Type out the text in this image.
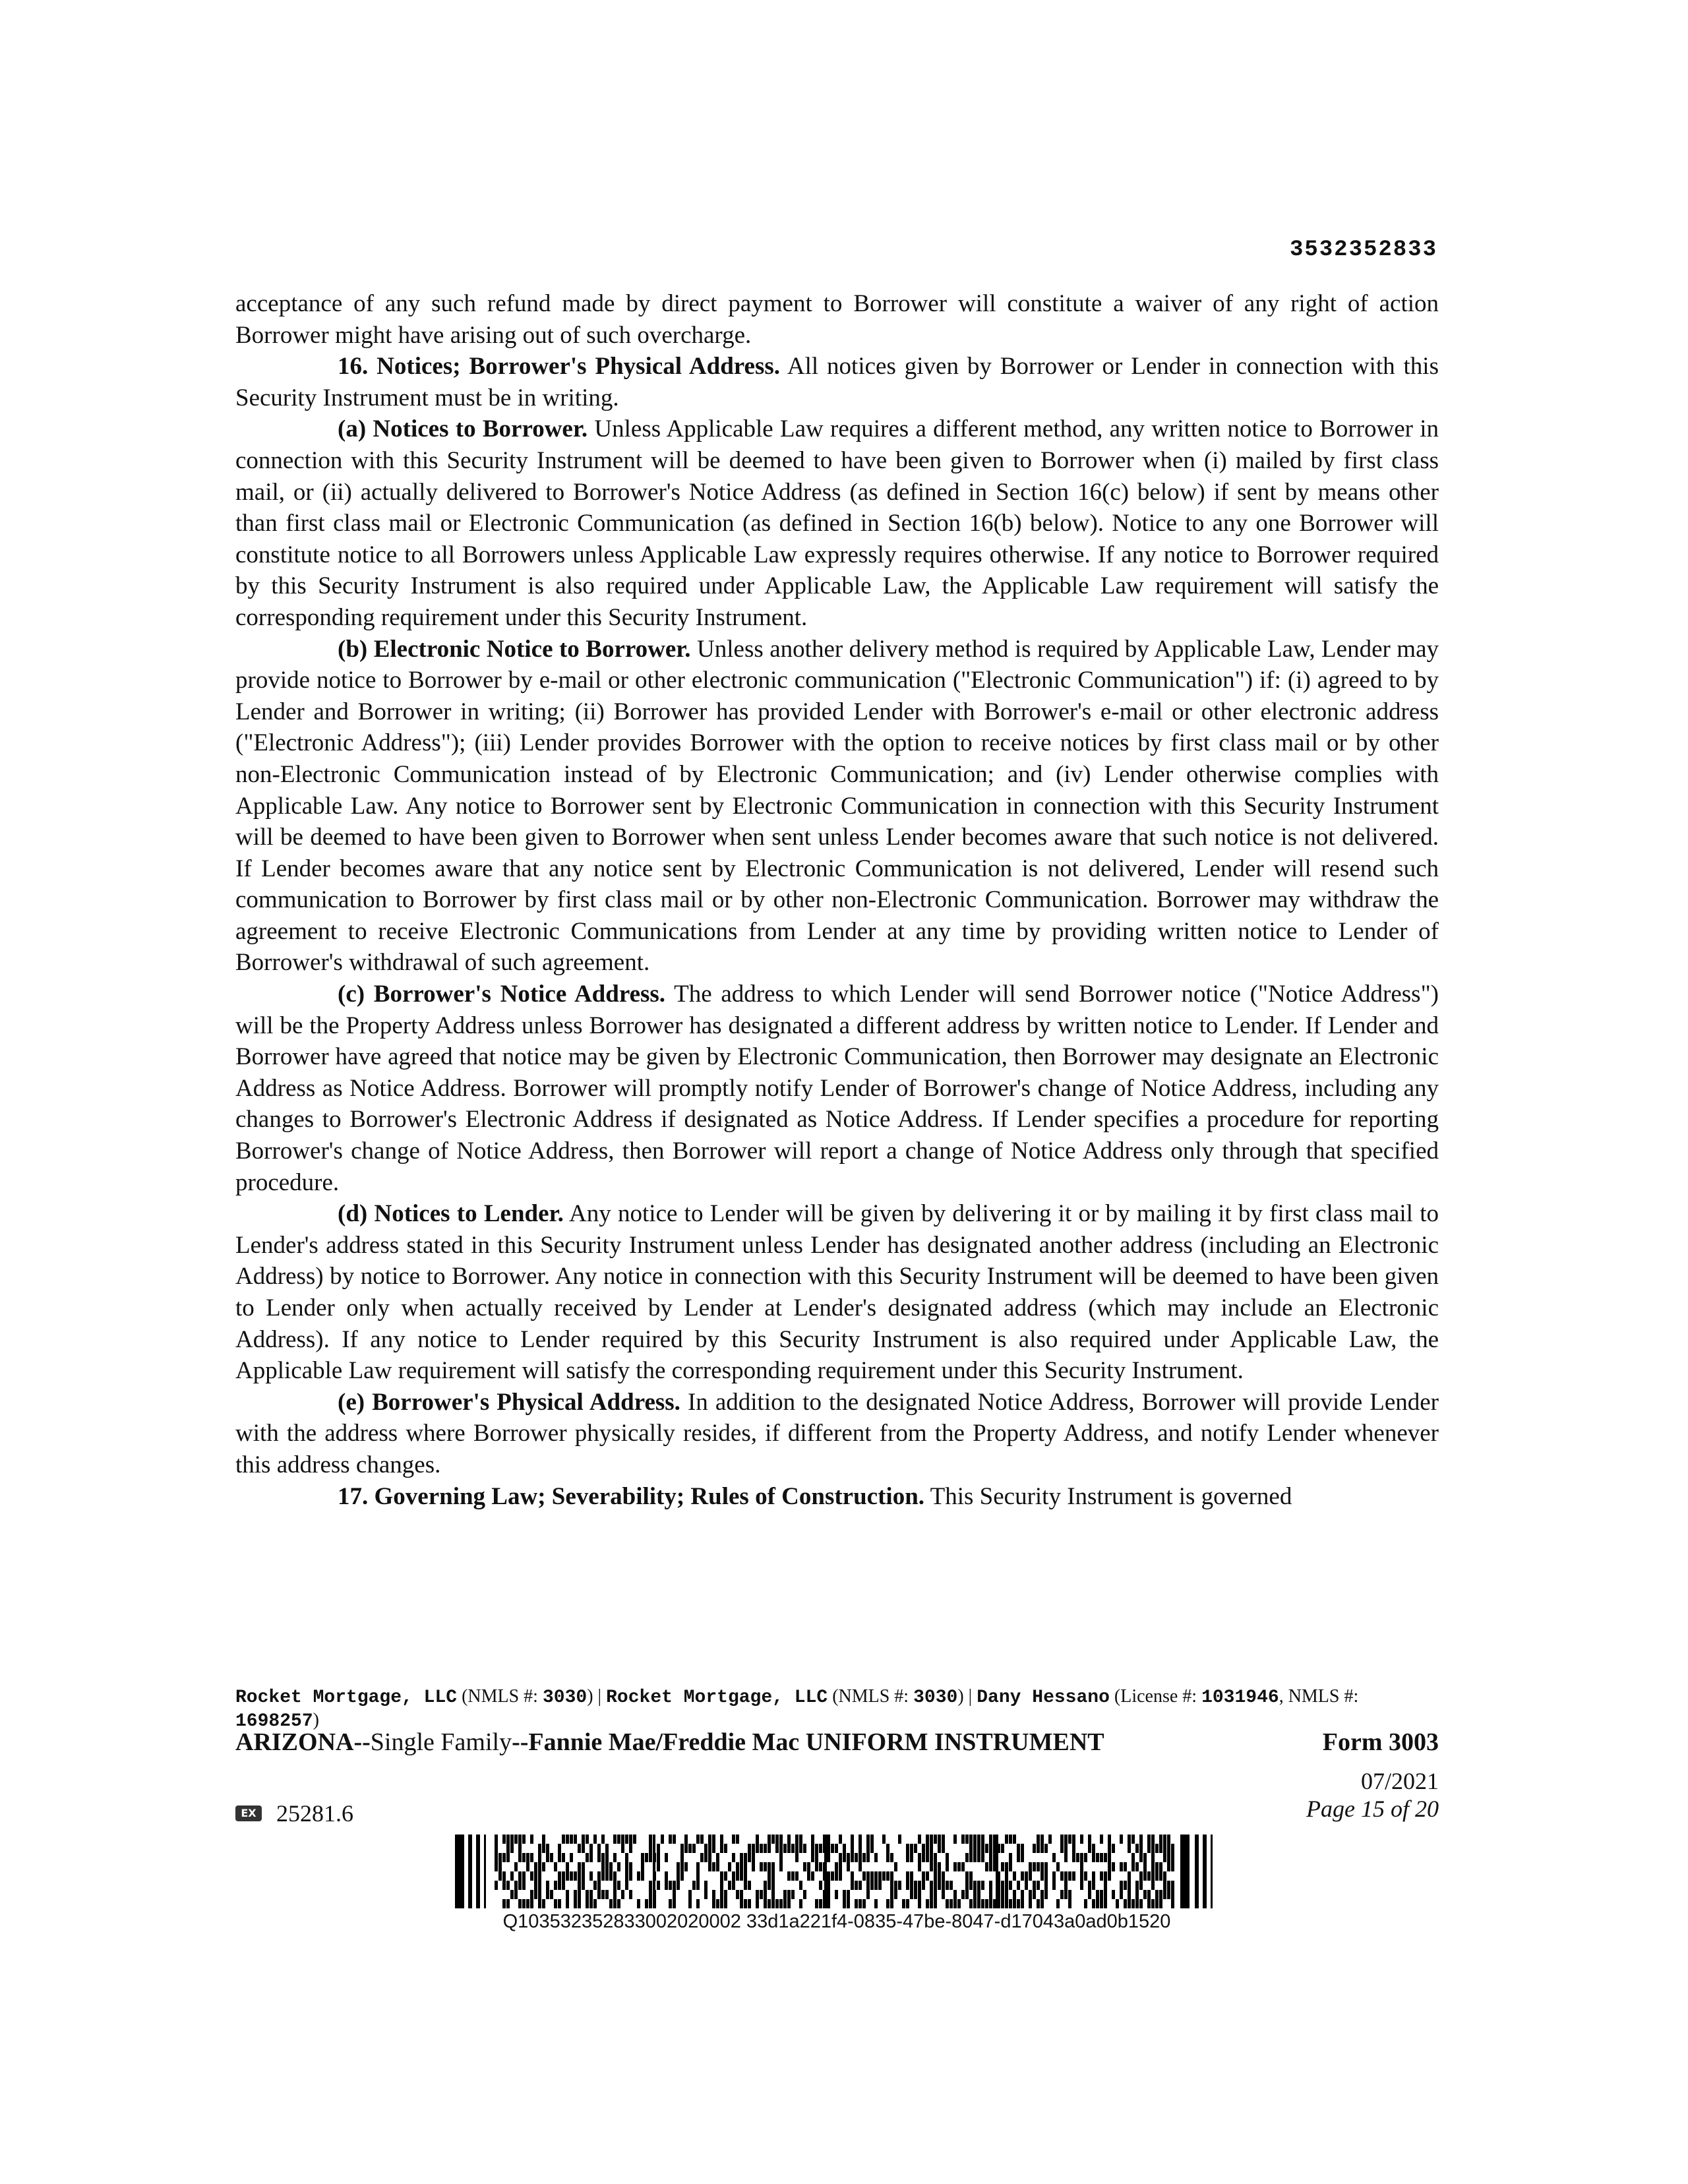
3532352833

acceptance of any such refund made by direct payment to Borrower will constitute a waiver of any right of action Borrower might have arising out of such overcharge.

16. Notices; Borrower's Physical Address. All notices given by Borrower or Lender in connection with this Security Instrument must be in writing.

(a) Notices to Borrower. Unless Applicable Law requires a different method, any written notice to Borrower in connection with this Security Instrument will be deemed to have been given to Borrower when (i) mailed by first class mail, or (ii) actually delivered to Borrower's Notice Address (as defined in Section 16(c) below) if sent by means other than first class mail or Electronic Communication (as defined in Section 16(b) below). Notice to any one Borrower will constitute notice to all Borrowers unless Applicable Law expressly requires otherwise. If any notice to Borrower required by this Security Instrument is also required under Applicable Law, the Applicable Law requirement will satisfy the corresponding requirement under this Security Instrument.

(b) Electronic Notice to Borrower. Unless another delivery method is required by Applicable Law, Lender may provide notice to Borrower by e-mail or other electronic communication ("Electronic Communication") if: (i) agreed to by Lender and Borrower in writing; (ii) Borrower has provided Lender with Borrower's e-mail or other electronic address ("Electronic Address"); (iii) Lender provides Borrower with the option to receive notices by first class mail or by other non-Electronic Communication instead of by Electronic Communication; and (iv) Lender otherwise complies with Applicable Law. Any notice to Borrower sent by Electronic Communication in connection with this Security Instrument will be deemed to have been given to Borrower when sent unless Lender becomes aware that such notice is not delivered. If Lender becomes aware that any notice sent by Electronic Communication is not delivered, Lender will resend such communication to Borrower by first class mail or by other non-Electronic Communication. Borrower may withdraw the agreement to receive Electronic Communications from Lender at any time by providing written notice to Lender of Borrower's withdrawal of such agreement.

(c) Borrower's Notice Address. The address to which Lender will send Borrower notice ("Notice Address") will be the Property Address unless Borrower has designated a different address by written notice to Lender. If Lender and Borrower have agreed that notice may be given by Electronic Communication, then Borrower may designate an Electronic Address as Notice Address. Borrower will promptly notify Lender of Borrower's change of Notice Address, including any changes to Borrower's Electronic Address if designated as Notice Address. If Lender specifies a procedure for reporting Borrower's change of Notice Address, then Borrower will report a change of Notice Address only through that specified procedure.

(d) Notices to Lender. Any notice to Lender will be given by delivering it or by mailing it by first class mail to Lender's address stated in this Security Instrument unless Lender has designated another address (including an Electronic Address) by notice to Borrower. Any notice in connection with this Security Instrument will be deemed to have been given to Lender only when actually received by Lender at Lender's designated address (which may include an Electronic Address). If any notice to Lender required by this Security Instrument is also required under Applicable Law, the Applicable Law requirement will satisfy the corresponding requirement under this Security Instrument.

(e) Borrower's Physical Address. In addition to the designated Notice Address, Borrower will provide Lender with the address where Borrower physically resides, if different from the Property Address, and notify Lender whenever this address changes.

17. Governing Law; Severability; Rules of Construction. This Security Instrument is governed

Rocket Mortgage, LLC (NMLS #: 3030) | Rocket Mortgage, LLC (NMLS #: 3030) | Dany Hessano (License #: 1031946, NMLS #: 1698257)
ARIZONA--Single Family--Fannie Mae/Freddie Mac UNIFORM INSTRUMENT	Form 3003
07/2021
EX 25281.6	Page 15 of 20
Q103532352833002020002 33d1a221f4-0835-47be-8047-d17043a0ad0b1520
